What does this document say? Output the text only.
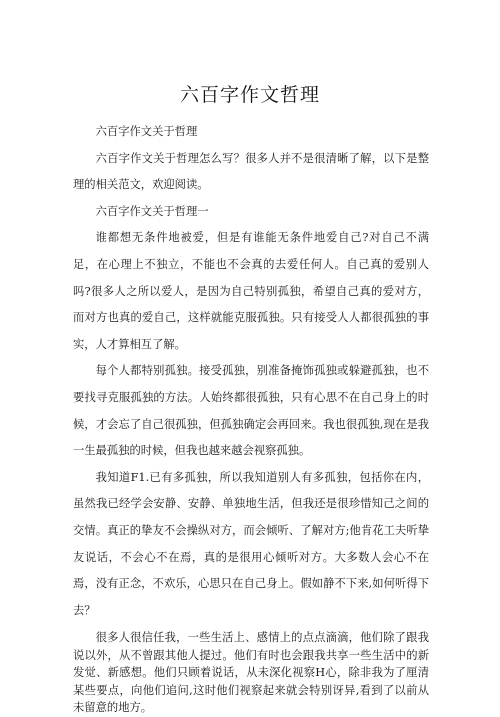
六百字作文哲理

六百字作文关于哲理

六百字作文关于哲理怎么写？很多人并不是很清晰了解，以下是整理的相关范文，欢迎阅读。

六百字作文关于哲理一

谁都想无条件地被爱，但是有谁能无条件地爱自己?对自己不满足，在心理上不独立，不能也不会真的去爱任何人。自己真的爱别人吗?很多人之所以爱人，是因为自己特别孤独，希望自己真的爱对方，而对方也真的爱自己，这样就能克服孤独。只有接受人人都很孤独的事实，人才算相互了解。

每个人都特别孤独。接受孤独，别准备掩饰孤独或躲避孤独，也不要找寻克服孤独的方法。人始终都很孤独，只有心思不在自己身上的时候，才会忘了自己很孤独，但孤独确定会再回来。我也很孤独,现在是我一生最孤独的时候，但我也越来越会视察孤独。

我知道F1.已有多孤独，所以我知道别人有多孤独，包括你在内，虽然我已经学会安静、安静、单独地生活，但我还是很珍惜知己之间的交情。真正的挚友不会操纵对方，而会倾听、了解对方;他肯花工夫听挚友说话，不会心不在焉，真的是很用心倾听对方。大多数人会心不在焉，没有正念，不欢乐，心思只在自己身上。假如静不下来,如何听得下去？

很多人很信任我，一些生活上、感情上的点点滴滴，他们除了跟我说以外，从不曾跟其他人提过。他们有时也会跟我共享一些生活中的新发觉、新感想。他们只顾着说话，从未深化视察H心，除非我为了厘清某些要点，向他们追问,这时他们视察起来就会特别讶异,看到了以前从未留意的地方。
